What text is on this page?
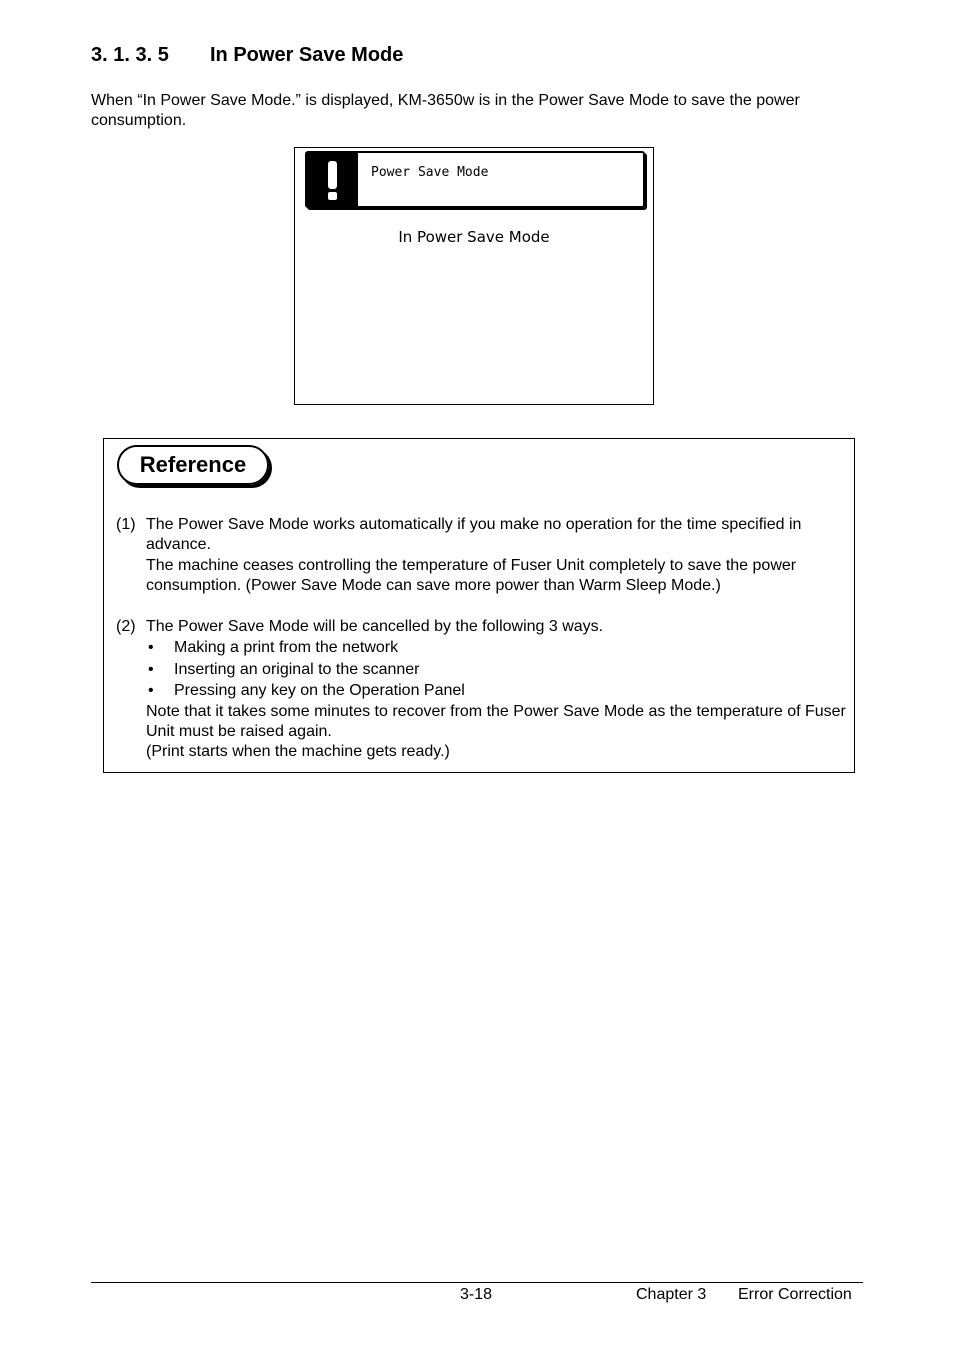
3. 1. 3. 5 In Power Save Mode

When “In Power Save Mode.” is displayed, KM-3650w is in the Power Save Mode to save the power consumption.

Power Save Mode
In Power Save Mode
Reference
(1) The Power Save Mode works automatically if you make no operation for the time specified in advance.
The machine ceases controlling the temperature of Fuser Unit completely to save the power consumption. (Power Save Mode can save more power than Warm Sleep Mode.)
(2) The Power Save Mode will be cancelled by the following 3 ways.
• Making a print from the network
• Inserting an original to the scanner
• Pressing any key on the Operation Panel
Note that it takes some minutes to recover from the Power Save Mode as the temperature of Fuser Unit must be raised again.
(Print starts when the machine gets ready.)
3-18	Chapter 3 Error Correction
